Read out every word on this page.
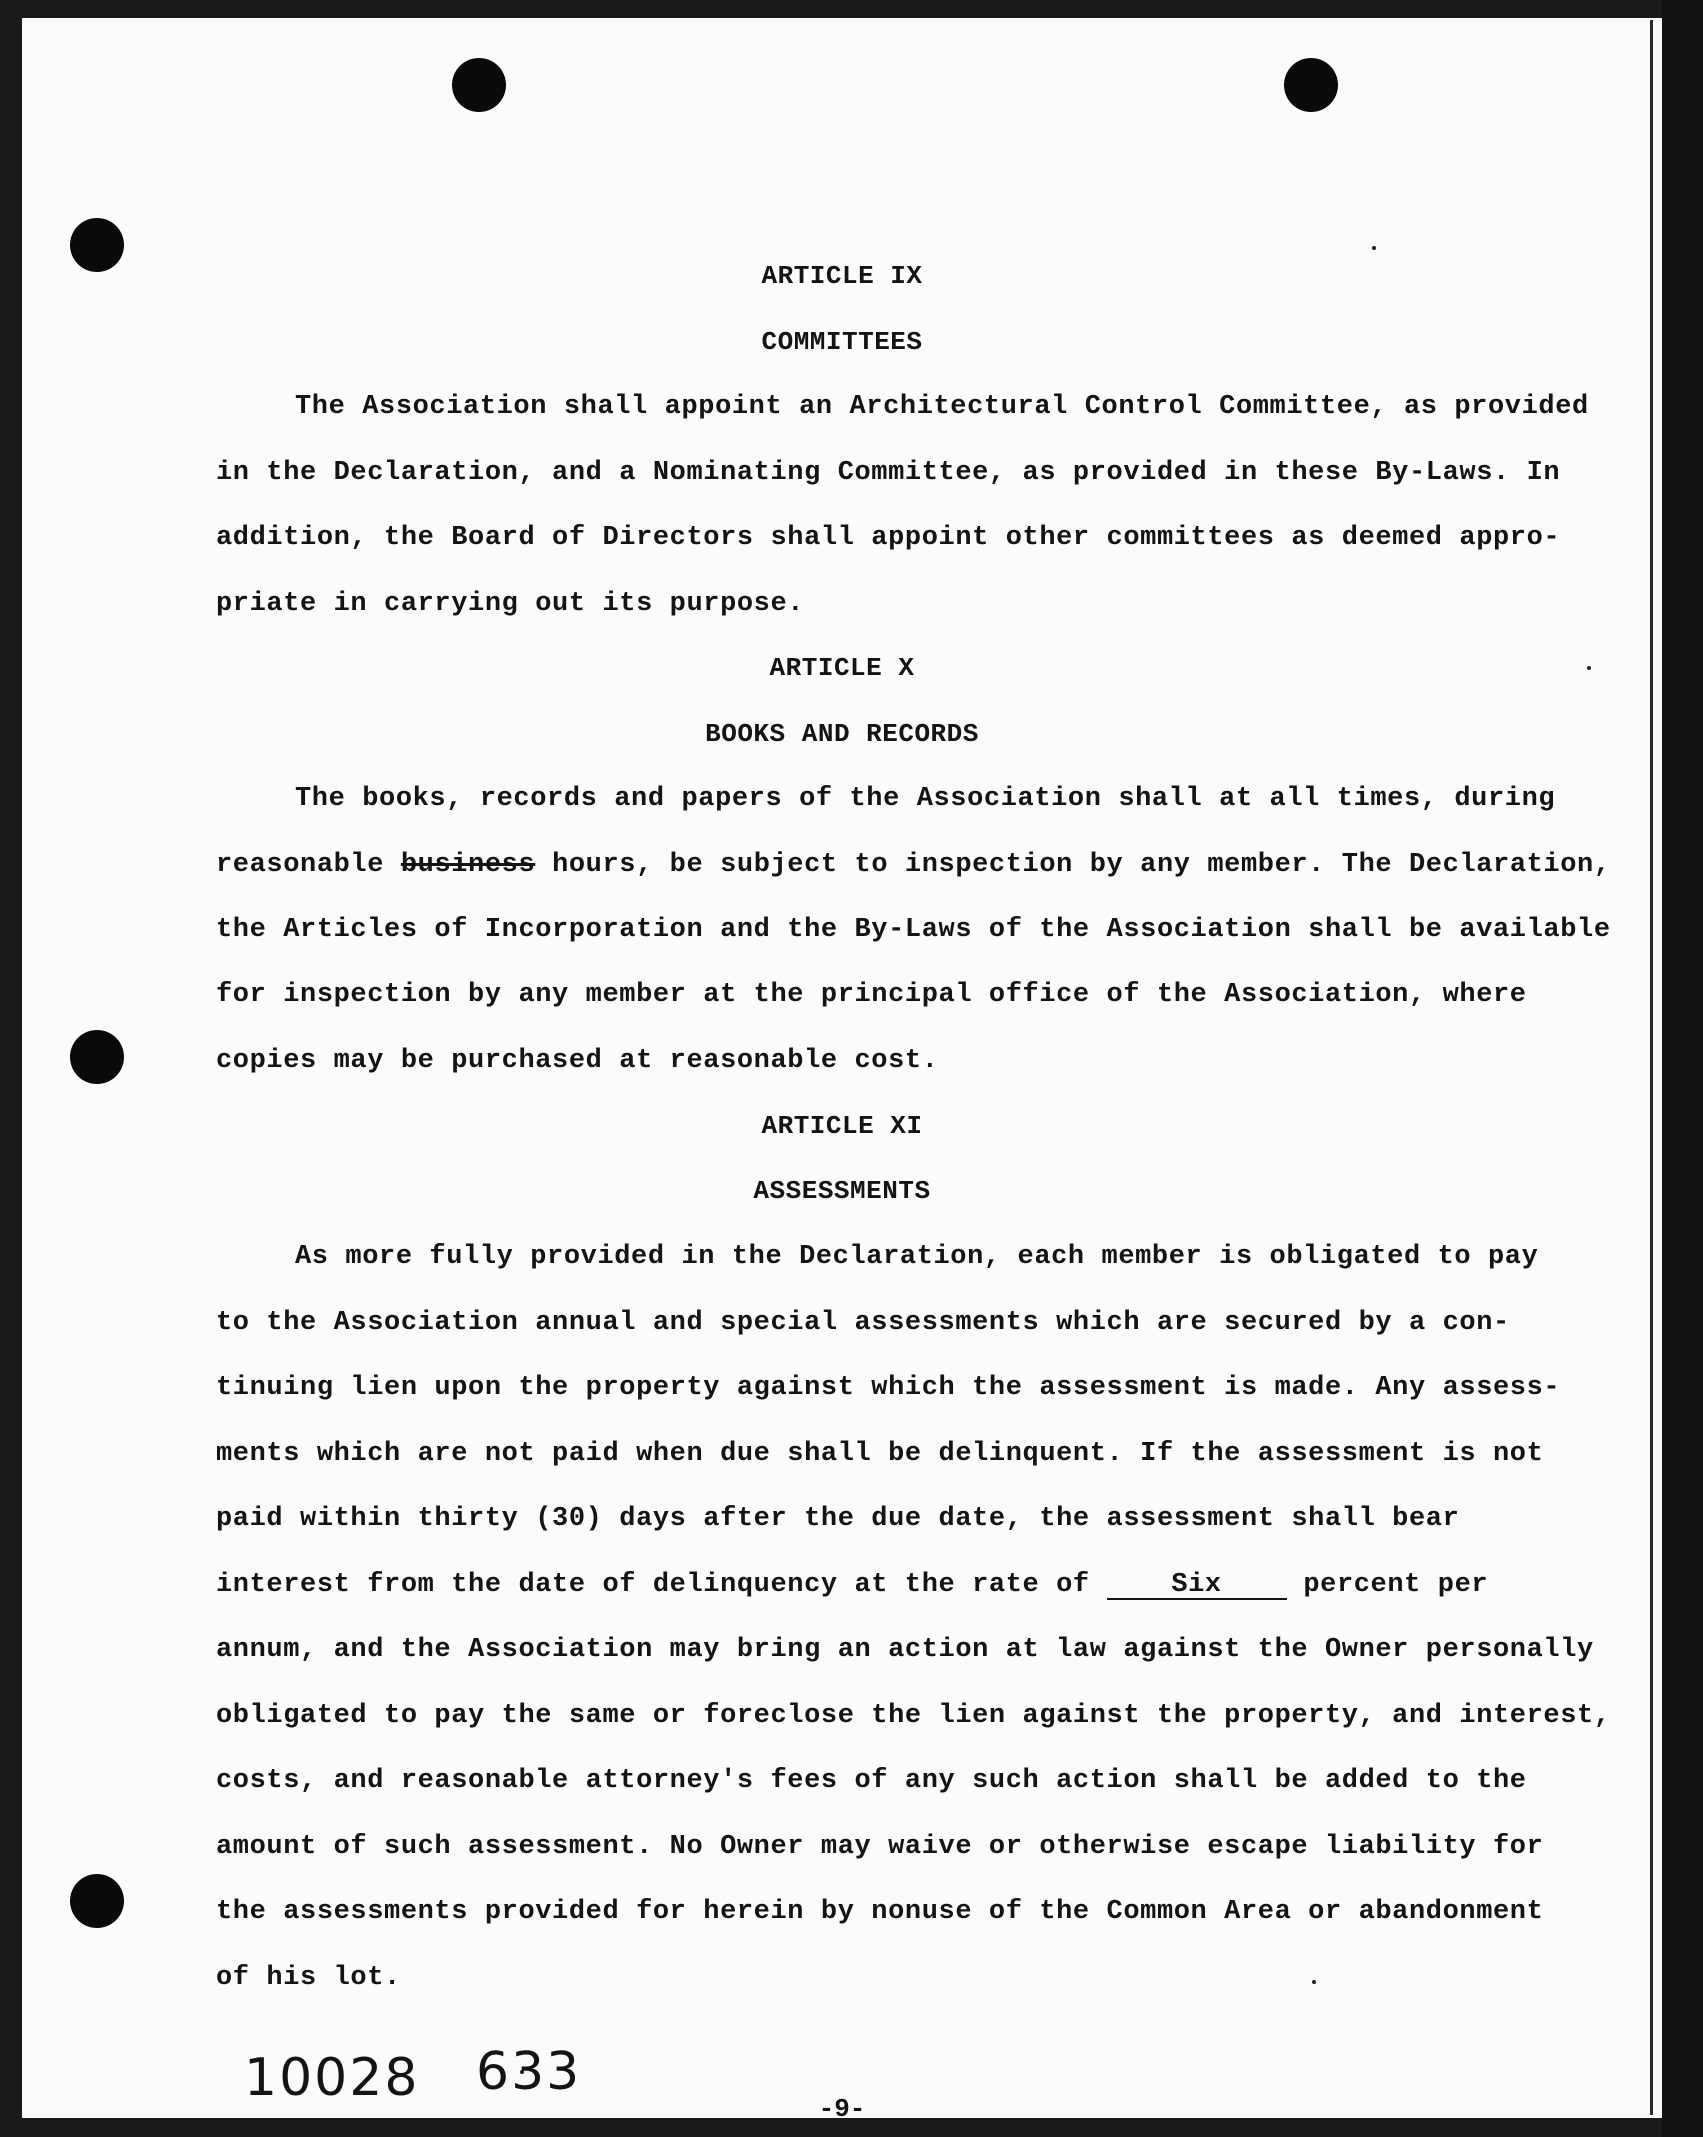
ARTICLE IX
COMMITTEES
The Association shall appoint an Architectural Control Committee, as provided
in the Declaration, and a Nominating Committee, as provided in these By-Laws. In
addition, the Board of Directors shall appoint other committees as deemed appro-
priate in carrying out its purpose.
ARTICLE X
BOOKS AND RECORDS
The books, records and papers of the Association shall at all times, during
reasonable business hours, be subject to inspection by any member. The Declaration,
the Articles of Incorporation and the By-Laws of the Association shall be available
for inspection by any member at the principal office of the Association, where
copies may be purchased at reasonable cost.
ARTICLE XI
ASSESSMENTS
As more fully provided in the Declaration, each member is obligated to pay
to the Association annual and special assessments which are secured by a con-
tinuing lien upon the property against which the assessment is made. Any assess-
ments which are not paid when due shall be delinquent. If the assessment is not
paid within thirty (30) days after the due date, the assessment shall bear
interest from the date of delinquency at the rate of Six percent per
annum, and the Association may bring an action at law against the Owner personally
obligated to pay the same or foreclose the lien against the property, and interest,
costs, and reasonable attorney's fees of any such action shall be added to the
amount of such assessment. No Owner may waive or otherwise escape liability for
the assessments provided for herein by nonuse of the Common Area or abandonment
of his lot.
10028 633
-9-
